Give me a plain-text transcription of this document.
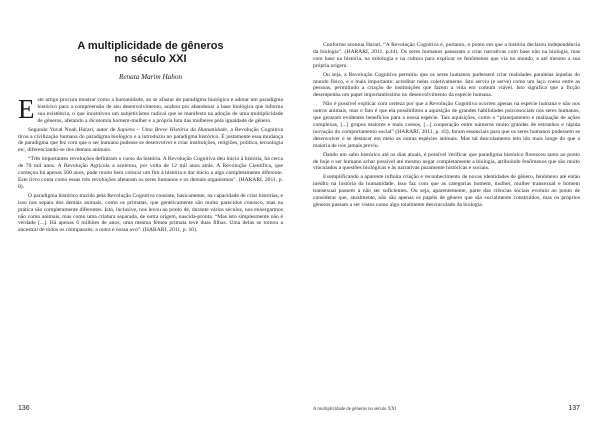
A multiplicidade de gêneros
no século XXI
Renata Marim Hahon

Este artigo procura mostrar como a humanidade, ao se afastar do paradigma biológico e adotar um paradigma histórico para a compreensão de seu desenvolvimento, acabou por abandonar a base biológica que informa sua existência, o que incentivou um subjetivismo radical que se manifesta na adoção de uma multiplicidade de gêneros, afetando a dicotomia homem-mulher e a própria luta das mulheres pela igualdade de gênero.

Segundo Yuval Noah Harari, autor de Sapiens – Uma Breve História da Humanidade, a Revolução Cognitiva tirou a civilização humana do paradigma biológico e a introduziu no paradigma histórico. É justamente essa mudança de paradigma que fez com que o ser humano pudesse se desenvolver e criar instituições, religiões, política, tecnologia etc, diferenciando-se dos demais animais.

“Três importantes revoluções definiram o curso da história. A Revolução Cognitiva deu início à história, há cerca de 70 mil anos. A Revolução Agrícola a acelerou, por volta de 12 mil anos atrás. A Revolução Científica, que começou há apenas 500 anos, pode muito bem colocar um fim à história e dar início a algo completamente diferente. Este livro conta como essas três revoluções afetaram os seres humanos e os demais organismos”. (HARARI, 2011, p. 8).

O paradigma histórico trazido pela Revolução Cognitiva consiste, basicamente, na capacidade de criar histórias, e isso nos separa dos demais animais, como os primatas, que geneticamente são muito parecidos conosco, mas na prática são completamente diferentes. Isto, inclusive, nos levou ao ponto de, durante vários séculos, nos enxergarmos não como animais, mas como uma criatura separada, de outra origem, nascida-pronta. “Mas isto simplesmente não é verdade [...]. Há apenas 6 milhões de anos, uma mesma fêmea primata teve duas filhas. Uma delas se tornou a ancestral de todos os chimpanzés; a outra é nossa avó”. (HARARI, 2011, p. 10).

136

Conforme acentua Harari, “A Revolução Cognitiva é, portanto, o ponto em que a história declarou independência da biologia”. (HARARI, 2011, p.44). Os seres humanos passaram a criar narrativas com base não na biologia, mas com base na história, na mitologia e na cultura para explicar os fenômenos que via no mundo, e até mesmo a sua própria origem.

Ou seja, a Revolução Cognitiva permitiu que os seres humanos pudessem criar realidades paralelas àquelas do mundo físico, e o mais importante: acreditar nelas coletivamente. Isto serviu (e serve) como um laço coeso entre as pessoas, permitindo a criação de instituições que fazem a vida em comum viável. Isto significa que a ficção desempenha um papel importantíssimo no desenvolvimento da espécie humana.

Não é possível explicar com certeza por que a Revolução Cognitiva ocorreu apenas na espécie humana e não nos outros animais, mas o fato é que ela possibilitou a aquisição de grandes habilidades psicossociais nos seres humanos, que geraram evidentes benefícios para a nossa espécie. Tais aquisições, como o “planejamento e realização de ações complexas, [...] grupos maiores e mais coesos, [...] cooperação entre números muito grandes de estranhos e rápida inovação do comportamento social” (HARARI, 2011, p. 43), foram essenciais para que os seres humanos pudessem se desenvolver e se destacar em meio as outras espécies animais. Mas tal descolamento tem ido mais longe do que a maioria de nós jamais previu.

Dando um salto histórico até os dias atuais, é possível verificar que paradigma histórico floresceu tanto ao ponto de hoje o ser humano achar possível até mesmo negar completamente a biologia, atribuindo fenômenos que são muito vinculados a questões biológicas e às narrativas puramente históricas e sociais.

Exemplificando a aparente infinita criação e reconhecimento de novas identidades de gênero, fenômeno até então inédito na história da humanidade. Isso faz com que as categorias homem, mulher, mulher transexual e homem transexual passem a não ser suficientes. Ou seja, aparentemente, parte das ciências sociais evoluiu ao ponto de considerar que, atualmente, não são apenas os papéis de gênero que são socialmente construídos, mas os próprios gêneros passam a ser vistos como algo totalmente desvinculado da biologia.

A multiplicidade de gêneros no século XXI	137
